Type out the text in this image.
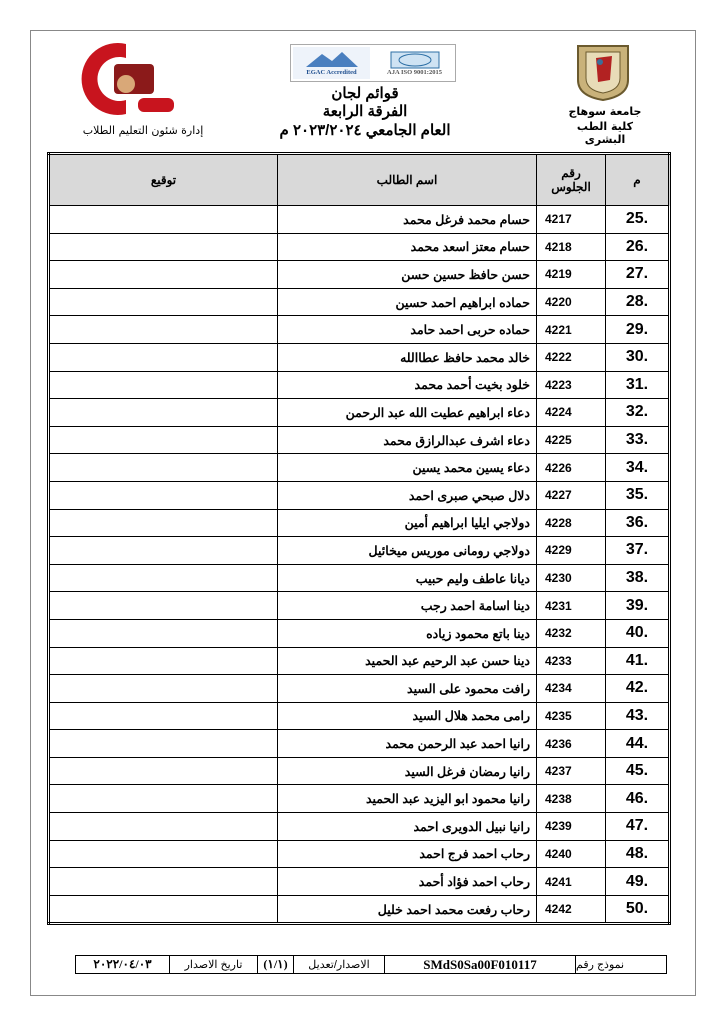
جامعة سوهاج
كلية الطب البشرى
EGAC Accredited	AJA ISO 9001:2015
قوائم لجان
الفرقة الرابعة
العام الجامعي ٢٠٢٣/٢٠٢٤ م
إدارة شئون التعليم الطلاب
م	رقم الجلوس	اسم الطالب	توقيع
25.	4217	حسام محمد فرغل محمد	
26.	4218	حسام معتز اسعد محمد	
27.	4219	حسن حافظ حسين حسن	
28.	4220	حماده ابراهيم احمد حسين	
29.	4221	حماده حربى احمد حامد	
30.	4222	خالد محمد حافظ عطاالله	
31.	4223	خلود بخيت أحمد محمد	
32.	4224	دعاء ابراهيم عطيت الله عبد الرحمن	
33.	4225	دعاء اشرف عبدالرازق محمد	
34.	4226	دعاء يسين محمد يسين	
35.	4227	دلال صبحي صبرى احمد	
36.	4228	دولاجي ايليا ابراهيم أمين	
37.	4229	دولاجي رومانى موريس ميخائيل	
38.	4230	ديانا عاطف وليم حبيب	
39.	4231	دينا اسامة احمد رجب	
40.	4232	دينا باتع محمود زياده	
41.	4233	دينا حسن عبد الرحيم عبد الحميد	
42.	4234	رافت محمود على السيد	
43.	4235	رامى محمد هلال السيد	
44.	4236	رانيا احمد عبد الرحمن محمد	
45.	4237	رانيا رمضان فرغل السيد	
46.	4238	رانيا محمود ابو اليزيد عبد الحميد	
47.	4239	رانيا نبيل الدويرى احمد	
48.	4240	رحاب احمد فرج احمد	
49.	4241	رحاب احمد فؤاد أحمد	
50.	4242	رحاب رفعت محمد احمد خليل	
٢٠٢٢/٠٤/٠٣	تاريخ الاصدار	(١/١)	الاصدار/تعديل	SMdS0Sa00F010117	نموذج رقم
